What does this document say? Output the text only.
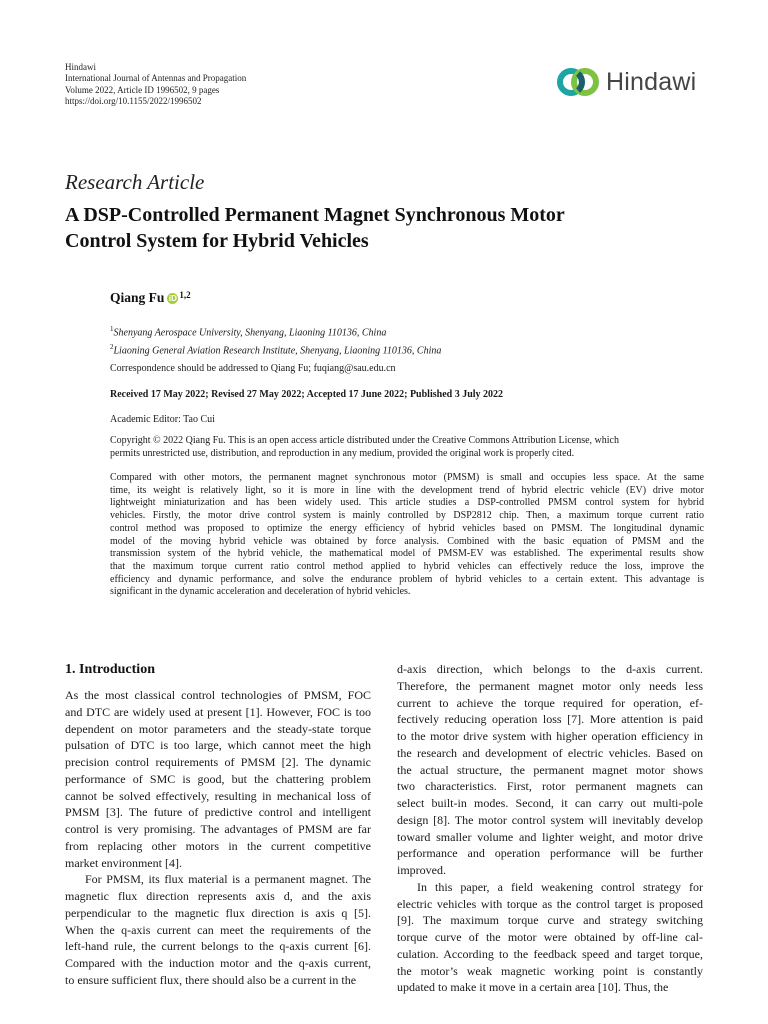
Hindawi
International Journal of Antennas and Propagation
Volume 2022, Article ID 1996502, 9 pages
https://doi.org/10.1155/2022/1996502
Hindawi
Research Article
A DSP-Controlled Permanent Magnet Synchronous Motor
Control System for Hybrid Vehicles
Qiang Fu iD $^{1,2}$
$^1$Shenyang Aerospace University, Shenyang, Liaoning 110136, China
$^2$Liaoning General Aviation Research Institute, Shenyang, Liaoning 110136, China
Correspondence should be addressed to Qiang Fu; fuqiang@sau.edu.cn
Received 17 May 2022; Revised 27 May 2022; Accepted 17 June 2022; Published 3 July 2022
Academic Editor: Tao Cui
Copyright © 2022 Qiang Fu. This is an open access article distributed under the Creative Commons Attribution License, which
permits unrestricted use, distribution, and reproduction in any medium, provided the original work is properly cited.
Compared with other motors, the permanent magnet synchronous motor (PMSM) is small and occupies less space. At the same
time, its weight is relatively light, so it is more in line with the development trend of hybrid electric vehicle (EV) drive motor
lightweight miniaturization and has been widely used. This article studies a DSP-controlled PMSM control system for hybrid
vehicles. Firstly, the motor drive control system is mainly controlled by DSP2812 chip. Then, a maximum torque current ratio
control method was proposed to optimize the energy efficiency of hybrid vehicles based on PMSM. The longitudinal dynamic
model of the moving hybrid vehicle was obtained by force analysis. Combined with the basic equation of PMSM and the
transmission system of the hybrid vehicle, the mathematical model of PMSM-EV was established. The experimental results show
that the maximum torque current ratio control method applied to hybrid vehicles can effectively reduce the loss, improve the
efficiency and dynamic performance, and solve the endurance problem of hybrid vehicles to a certain extent. This advantage is
significant in the dynamic acceleration and deceleration of hybrid vehicles.
1. Introduction
As the most classical control technologies of PMSM, FOC
and DTC are widely used at present [1]. However, FOC is too
dependent on motor parameters and the steady-state torque
pulsation of DTC is too large, which cannot meet the high
precision control requirements of PMSM [2]. The dynamic
performance of SMC is good, but the chattering problem
cannot be solved effectively, resulting in mechanical loss of
PMSM [3]. The future of predictive control and intelligent
control is very promising. The advantages of PMSM are far
from replacing other motors in the current competitive
market environment [4].
For PMSM, its flux material is a permanent magnet. The
magnetic flux direction represents axis d, and the axis
perpendicular to the magnetic flux direction is axis q [5].
When the q-axis current can meet the requirements of the
left-hand rule, the current belongs to the q-axis current [6].
Compared with the induction motor and the q-axis current,
to ensure sufficient flux, there should also be a current in the
d-axis direction, which belongs to the d-axis current.
Therefore, the permanent magnet motor only needs less
current to achieve the torque required for operation, ef-
fectively reducing operation loss [7]. More attention is paid
to the motor drive system with higher operation efficiency in
the research and development of electric vehicles. Based on
the actual structure, the permanent magnet motor shows
two characteristics. First, rotor permanent magnets can
select built-in modes. Second, it can carry out multi-pole
design [8]. The motor control system will inevitably develop
toward smaller volume and lighter weight, and motor drive
performance and operation performance will be further
improved.
In this paper, a field weakening control strategy for
electric vehicles with torque as the control target is proposed
[9]. The maximum torque curve and strategy switching
torque curve of the motor were obtained by off-line cal-
culation. According to the feedback speed and target torque,
the motor’s weak magnetic working point is constantly
updated to make it move in a certain area [10]. Thus, the
